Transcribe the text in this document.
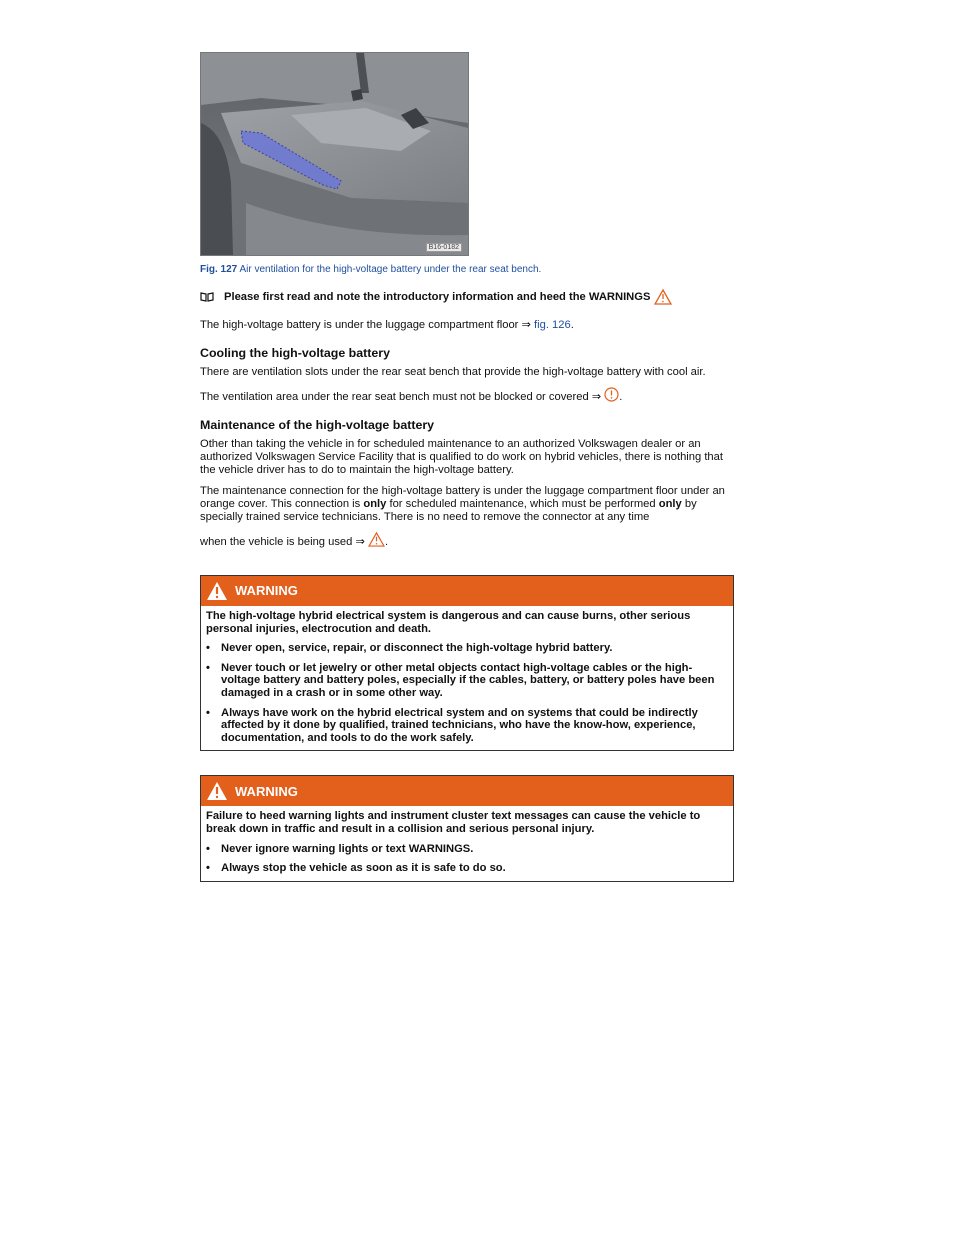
B16-0182
Fig. 127 Air ventilation for the high-voltage battery under the rear seat bench.
Please first read and note the introductory information and heed the WARNINGS

The high-voltage battery is under the luggage compartment floor ⇒ fig. 126.

Cooling the high-voltage battery

There are ventilation slots under the rear seat bench that provide the high-voltage battery with cool air.

The ventilation area under the rear seat bench must not be blocked or covered ⇒ .

Maintenance of the high-voltage battery

Other than taking the vehicle in for scheduled maintenance to an authorized Volkswagen dealer or an authorized Volkswagen Service Facility that is qualified to do work on hybrid vehicles, there is nothing that the vehicle driver has to do to maintain the high-voltage battery.

The maintenance connection for the high-voltage battery is under the luggage compartment floor under an orange cover. This connection is only for scheduled maintenance, which must be performed only by specially trained service technicians. There is no need to remove the connector at any time

when the vehicle is being used ⇒ .

WARNING
The high-voltage hybrid electrical system is dangerous and can cause burns, other serious personal injuries, electrocution and death.
• Never open, service, repair, or disconnect the high-voltage hybrid battery.
• Never touch or let jewelry or other metal objects contact high-voltage cables or the high-voltage battery and battery poles, especially if the cables, battery, or battery poles have been damaged in a crash or in some other way.
• Always have work on the hybrid electrical system and on systems that could be indirectly affected by it done by qualified, trained technicians, who have the know-how, experience, documentation, and tools to do the work safely.
WARNING
Failure to heed warning lights and instrument cluster text messages can cause the vehicle to break down in traffic and result in a collision and serious personal injury.
• Never ignore warning lights or text WARNINGS.
• Always stop the vehicle as soon as it is safe to do so.
